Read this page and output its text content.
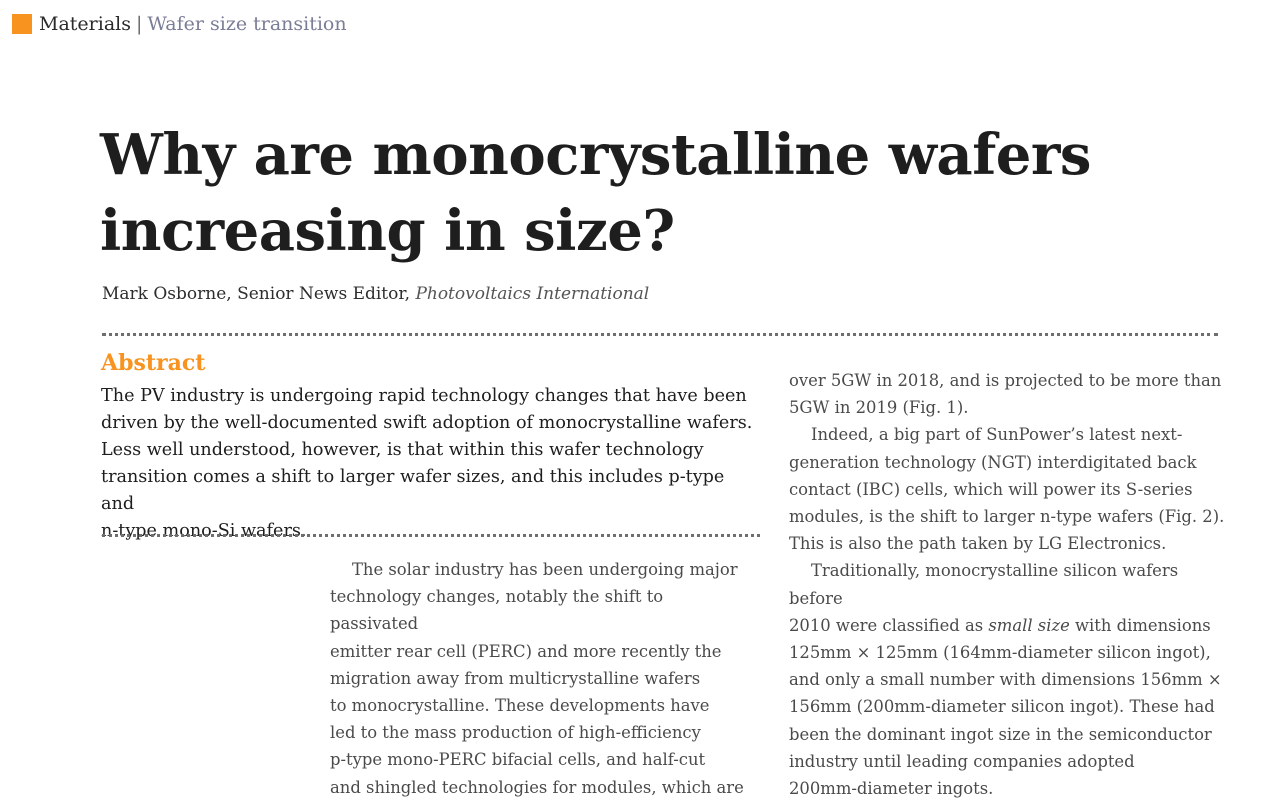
Materials | Wafer size transition
Why are monocrystalline wafers
increasing in size?
Mark Osborne, Senior News Editor, Photovoltaics International
Abstract
The PV industry is undergoing rapid technology changes that have been
driven by the well-documented swift adoption of monocrystalline wafers.
Less well understood, however, is that within this wafer technology
transition comes a shift to larger wafer sizes, and this includes p-type and
n-type mono-Si wafers.

The solar industry has been undergoing major
technology changes, notably the shift to passivated
emitter rear cell (PERC) and more recently the
migration away from multicrystalline wafers
to monocrystalline. These developments have
led to the mass production of high-efficiency
p-type mono-PERC bifacial cells, and half-cut
and shingled technologies for modules, which are

over 5GW in 2018, and is projected to be more than
5GW in 2019 (Fig. 1).

Indeed, a big part of SunPower’s latest next-
generation technology (NGT) interdigitated back
contact (IBC) cells, which will power its S-series
modules, is the shift to larger n-type wafers (Fig. 2).
This is also the path taken by LG Electronics.

Traditionally, monocrystalline silicon wafers before
2010 were classified as small size with dimensions
125mm × 125mm (164mm-diameter silicon ingot),
and only a small number with dimensions 156mm ×
156mm (200mm-diameter silicon ingot). These had
been the dominant ingot size in the semiconductor
industry until leading companies adopted
200mm-diameter ingots.
